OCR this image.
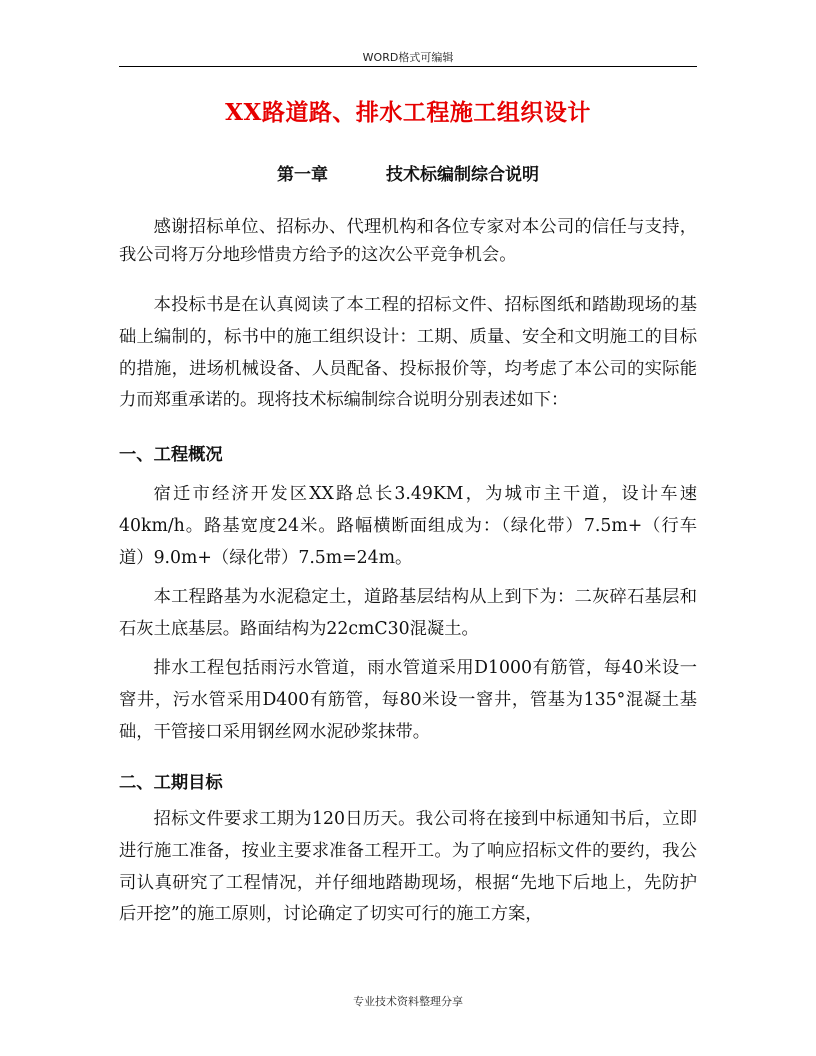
WORD格式可编辑
XX路道路、排水工程施工组织设计
第一章	技术标编制综合说明

感谢招标单位、招标办、代理机构和各位专家对本公司的信任与支持，我公司将万分地珍惜贵方给予的这次公平竞争机会。

本投标书是在认真阅读了本工程的招标文件、招标图纸和踏勘现场的基础上编制的，标书中的施工组织设计：工期、质量、安全和文明施工的目标的措施，进场机械设备、人员配备、投标报价等，均考虑了本公司的实际能力而郑重承诺的。现将技术标编制综合说明分别表述如下：

一、工程概况

宿迁市经济开发区XX路总长3.49KM，为城市主干道，设计车速40km/h。路基宽度24米。路幅横断面组成为：（绿化带）7.5m+（行车道）9.0m+（绿化带）7.5m=24m。

本工程路基为水泥稳定土，道路基层结构从上到下为：二灰碎石基层和石灰土底基层。路面结构为22cmC30混凝土。

排水工程包括雨污水管道，雨水管道采用D1000有筋管，每40米设一窨井，污水管采用D400有筋管，每80米设一窨井，管基为135°混凝土基础，干管接口采用钢丝网水泥砂浆抹带。

二、工期目标

招标文件要求工期为120日历天。我公司将在接到中标通知书后，立即进行施工准备，按业主要求准备工程开工。为了响应招标文件的要约，我公司认真研究了工程情况，并仔细地踏勘现场，根据“先地下后地上，先防护后开挖”的施工原则，讨论确定了切实可行的施工方案，

专业技术资料整理分享
